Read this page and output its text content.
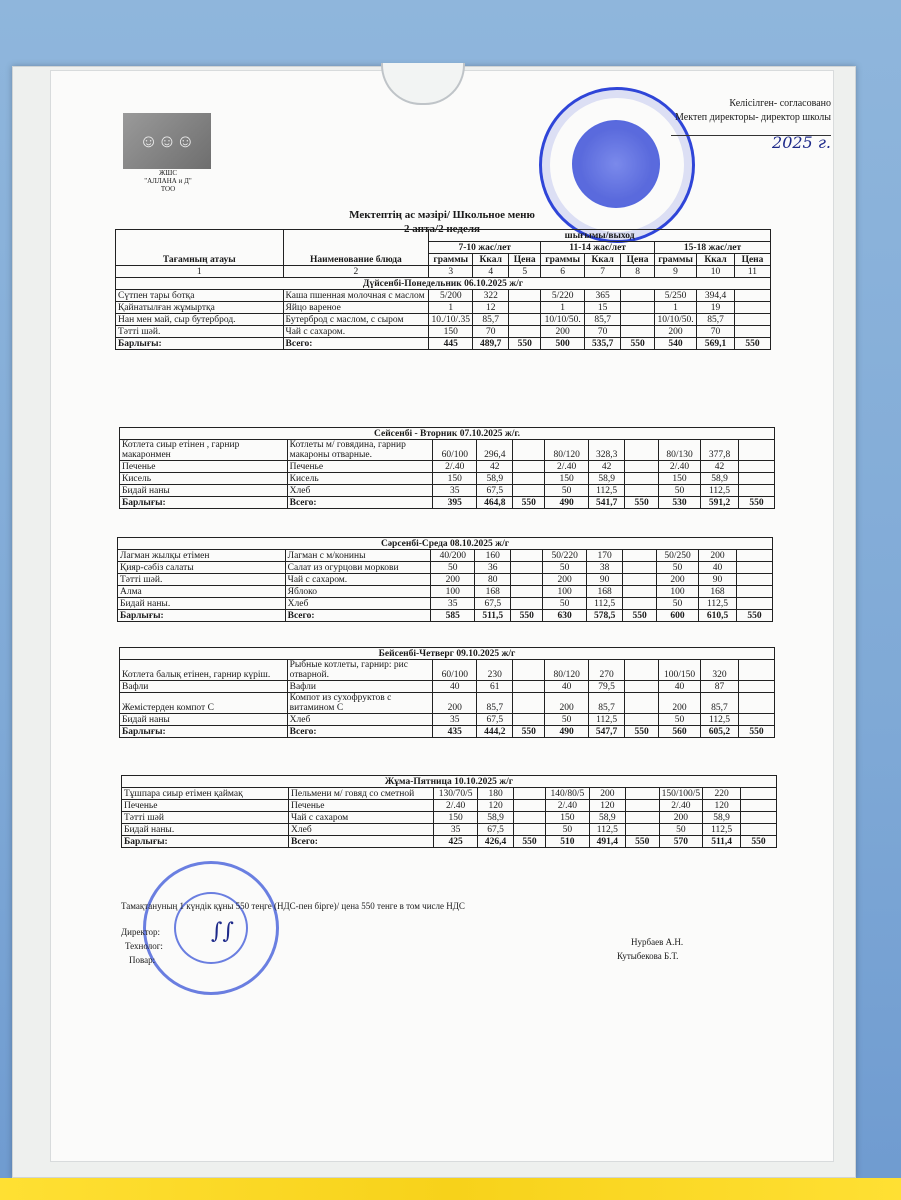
☺☺☺
ЖШС
"АЛЛАНА и Д"
ТОО
Келісілген- согласовано
Мектеп директоры- директор школы
2025 г.
Мектептің ас мәзірі/ Школьное меню
2 апта/2 неделя
Тағамның атауы	Наименование блюда	шығымы/выход								
		7-10 жас/лет			11-14 жас/лет			15-18 жас/лет		
		граммы	Ккал	Цена	граммы	Ккал	Цена	граммы	Ккал	Цена
1	2	3	4	5	6	7	8	9	10	11
Дүйсенбі-Понедельник 06.10.2025 ж/г										
Сүтпен тары ботқа	Каша пшенная молочная с маслом	5/200	322		5/220	365		5/250	394,4	
Қайнатылған жұмыртқа	Яйцо вареное	1	12		1	15		1	19	
Нан мен май, сыр бутерброд.	Бутерброд с маслом, с сыром	10./10/.35	85,7		10/10/50.	85,7		10/10/50.	85,7	
Тәтті шәй.	Чай с сахаром.	150	70		200	70		200	70	
Барлығы:	Всего:	445	489,7	550	500	535,7	550	540	569,1	550
Сейсенбі - Вторник 07.10.2025 ж/г.										
Котлета сиыр етінен , гарнир макаронмен	Котлеты м/ говядина, гарнир макароны отварные.	60/100	296,4		80/120	328,3		80/130	377,8	
Печенье	Печенье	2/.40	42		2/.40	42		2/.40	42	
Кисель	Кисель	150	58,9		150	58,9		150	58,9	
Бидай наны	Хлеб	35	67,5		50	112,5		50	112,5	
Барлығы:	Всего:	395	464,8	550	490	541,7	550	530	591,2	550
Сәрсенбі-Среда 08.10.2025 ж/г										
Лагман жылқы етімен	Лагман с м/конины	40/200	160		50/220	170		50/250	200	
Қияр-сәбіз салаты	Салат из огурцови моркови	50	36		50	38		50	40	
Тәтті шәй.	Чай с сахаром.	200	80		200	90		200	90	
Алма	Яблоко	100	168		100	168		100	168	
Бидай наны.	Хлеб	35	67,5		50	112,5		50	112,5	
Барлығы:	Всего:	585	511,5	550	630	578,5	550	600	610,5	550
Бейсенбі-Четверг 09.10.2025 ж/г										
Котлета балық етінен, гарнир күріш.	Рыбные котлеты, гарнир: рис отварной.	60/100	230		80/120	270		100/150	320	
Вафли	Вафли	40	61		40	79,5		40	87	
Жемістерден компот С	Компот из сухофруктов с витамином С	200	85,7		200	85,7		200	85,7	
Бидай наны	Хлеб	35	67,5		50	112,5		50	112,5	
Барлығы:	Всего:	435	444,2	550	490	547,7	550	560	605,2	550
Жұма-Пятница 10.10.2025 ж/г										
Тұшпара сиыр етімен қаймақ	Пельмени м/ говяд со сметной	130/70/5	180		140/80/5	200		150/100/5	220	
Печенье	Печенье	2/.40	120		2/.40	120		2/.40	120	
Тәтті шәй	Чай с сахаром	150	58,9		150	58,9		200	58,9	
Бидай наны.	Хлеб	35	67,5		50	112,5		50	112,5	
Барлығы:	Всего:	425	426,4	550	510	491,4	550	570	511,4	550
Тамақтануның 1 күндік құны 550 теңге (НДС-пен бірге)/ цена 550 тенге в том числе НДС
Директор:
Технолог:
Повар:
Нурбаев А.Н.
Кутыбекова Б.Т.
∫∫
